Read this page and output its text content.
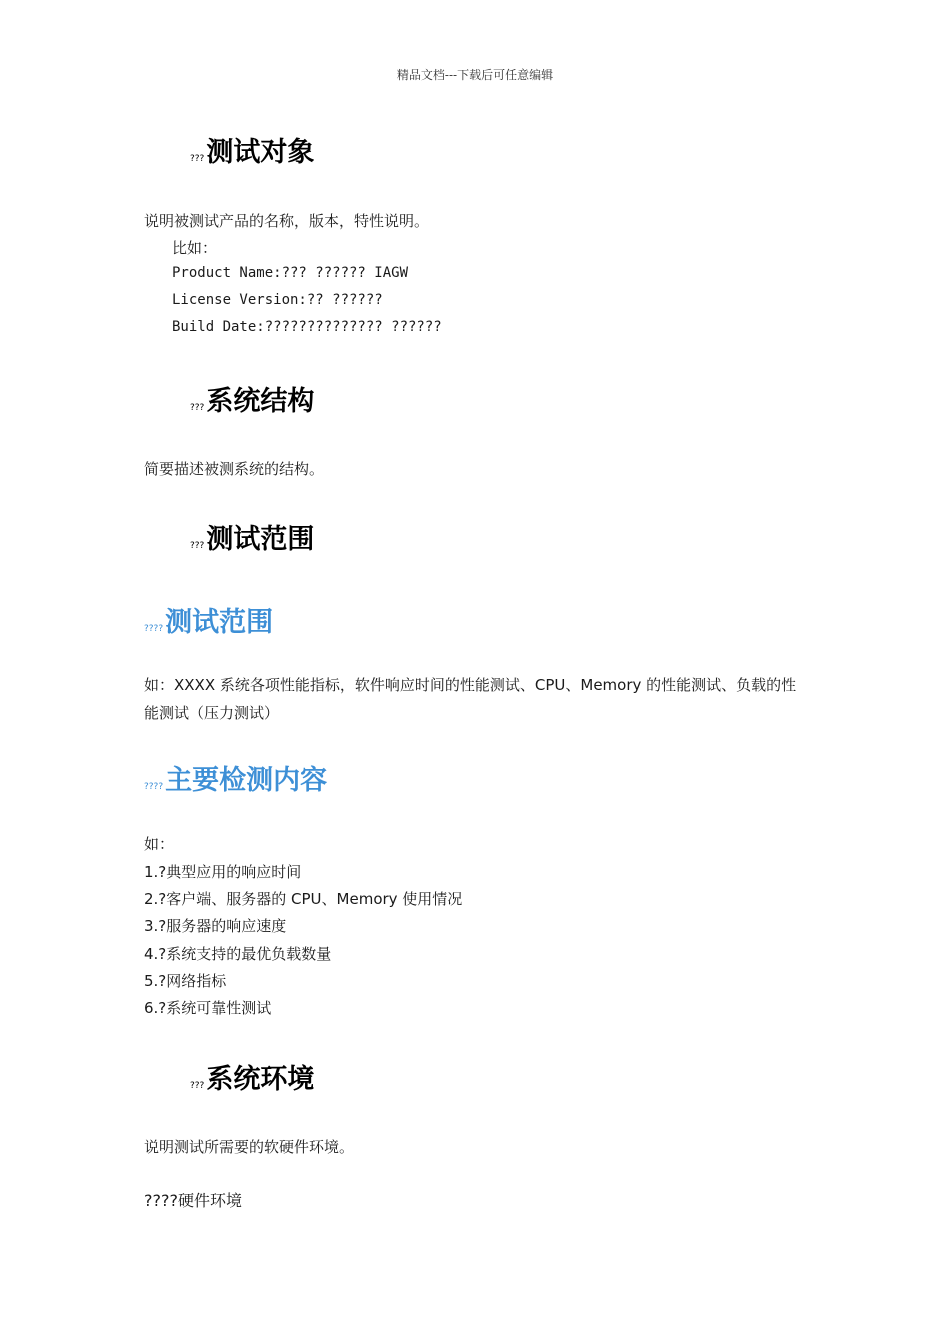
精品文档---下载后可任意编辑
???测试对象
说明被测试产品的名称，版本，特性说明。
比如：
Product Name:??? ?????? IAGW
License Version:?? ??????
Build Date:?????????????? ??????
???系统结构
简要描述被测系统的结构。
???测试范围
????测试范围
如：XXXX 系统各项性能指标，软件响应时间的性能测试、CPU、Memory 的性能测试、负载的性能测试（压力测试）
????主要检测内容
如：
1.?典型应用的响应时间
2.?客户端、服务器的 CPU、Memory 使用情况
3.?服务器的响应速度
4.?系统支持的最优负载数量
5.?网络指标
6.?系统可靠性测试
???系统环境
说明测试所需要的软硬件环境。
????硬件环境
